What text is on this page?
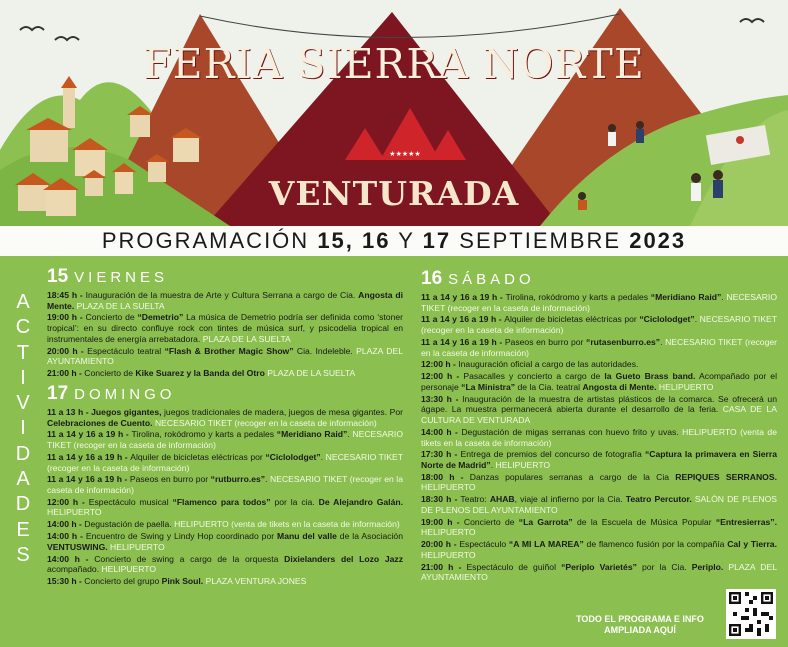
★★★★★
FERIA SIERRA NORTE
VENTURADA
PROGRAMACIÓN 15, 16 Y 17 SEPTIEMBRE 2023
A
C
T
I
V
I
D
A
D
E
S
15 VIERNES
18:45 h - Inauguración de la muestra de Arte y Cultura Serrana a cargo de Cia. Angosta di Mente. PLAZA DE LA SUELTA
19:00 h - Concierto de “Demetrio” La música de Demetrio podría ser definida como ‘stoner tropical’: en su directo confluye rock con tintes de música surf, y psicodelia tropical en instrumentales de energía arrebatadora. PLAZA DE LA SUELTA
20:00 h - Espectáculo teatral “Flash & Brother Magic Show” Cia. Indeleble. PLAZA DEL AYUNTAMIENTO
21:00 h - Concierto de Kike Suarez y la Banda del Otro PLAZA DE LA SUELTA
17 DOMINGO
11 a 13 h - Juegos gigantes, juegos tradicionales de madera, juegos de mesa gigantes. Por Celebraciones de Cuento. NECESARIO TIKET (recoger en la caseta de información)
11 a 14 y 16 a 19 h - Tirolina, rokódromo y karts a pedales “Meridiano Raid”. NECESARIO TIKET (recoger en la caseta de información)
11 a 14 y 16 a 19 h - Alquiler de bicicletas eléctricas por “Ciclolodget”. NECESARIO TIKET (recoger en la caseta de información)
11 a 14 y 16 a 19 h - Paseos en burro por “rutburro.es”. NECESARIO TIKET (recoger en la caseta de información)
12:00 h - Espectáculo musical “Flamenco para todos” por la cia. De Alejandro Galán. HELIPUERTO
14:00 h - Degustación de paella. HELIPUERTO (venta de tikets en la caseta de información)
14:00 h - Encuentro de Swing y Lindy Hop coordinado por Manu del valle de la Asociación VENTUSWING. HELIPUERTO
14:00 h - Concierto de swing a cargo de la orquesta Dixielanders del Lozo Jazz acompañado. HELIPUERTO
15:30 h - Concierto del grupo Pink Soul. PLAZA VENTURA JONES
16 SÁBADO
11 a 14 y 16 a 19 h - Tirolina, rokódromo y karts a pedales “Meridiano Raid”. NECESARIO TIKET (recoger en la caseta de información)
11 a 14 y 16 a 19 h - Alquiler de bicicletas eléctricas por “Ciclolodget”. NECESARIO TIKET (recoger en la caseta de información)
11 a 14 y 16 a 19 h - Paseos en burro por “rutasenburro.es”. NECESARIO TIKET (recoger en la caseta de información)
12:00 h - Inauguración oficial a cargo de las autoridades.
12:00 h - Pasacalles y concierto a cargo de la Gueto Brass band. Acompañado por el personaje “La Ministra” de la Cia. teatral Angosta di Mente. HELIPUERTO
13:30 h - Inauguración de la muestra de artistas plásticos de la comarca. Se ofrecerá un ágape. La muestra permanecerá abierta durante el desarrollo de la feria. CASA DE LA CULTURA DE VENTURADA
14:00 h - Degustación de migas serranas con huevo frito y uvas. HELIPUERTO (venta de tikets en la caseta de información)
17:30 h - Entrega de premios del concurso de fotografía “Captura la primavera en Sierra Norte de Madrid”. HELIPUERTO
18:00 h - Danzas populares serranas a cargo de la Cia REPIQUES SERRANOS. HELIPUERTO
18:30 h - Teatro: AHAB, viaje al infierno por la Cia. Teatro Percutor. SALÓN DE PLENOS DE PLENOS DEL AYUNTAMIENTO
19:00 h - Concierto de “La Garrota” de la Escuela de Música Popular “Entresierras”. HELIPUERTO
20:00 h - Espectáculo “A MI LA MAREA” de flamenco fusión por la compañía Cal y Tierra. HELIPUERTO
21:00 h - Espectáculo de guiñol “Periplo Varietés” por la Cia. Periplo. PLAZA DEL AYUNTAMIENTO
TODO EL PROGRAMA E INFO
AMPLIADA AQUÍ
